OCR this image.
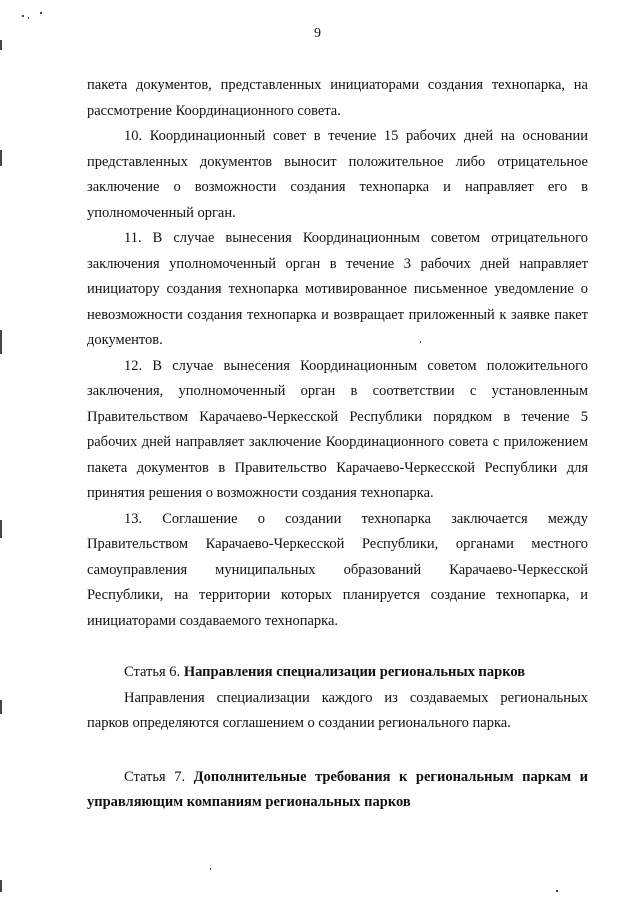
9

пакета документов, представленных инициаторами создания технопарка, на рассмотрение Координационного совета.

10. Координационный совет в течение 15 рабочих дней на основании представленных документов выносит положительное либо отрицательное заключение о возможности создания технопарка и направляет его в уполномоченный орган.

11. В случае вынесения Координационным советом отрицательного заключения уполномоченный орган в течение 3 рабочих дней направляет инициатору создания технопарка мотивированное письменное уведомление о невозможности создания технопарка и возвращает приложенный к заявке пакет документов.

12. В случае вынесения Координационным советом положительного заключения, уполномоченный орган в соответствии с установленным Правительством Карачаево-Черкесской Республики порядком в течение 5 рабочих дней направляет заключение Координационного совета с приложением пакета документов в Правительство Карачаево-Черкесской Республики для принятия решения о возможности создания технопарка.

13. Соглашение о создании технопарка заключается между Правительством Карачаево-Черкесской Республики, органами местного самоуправления муниципальных образований Карачаево-Черкесской Республики, на территории которых планируется создание технопарка, и инициаторами создаваемого технопарка.

Статья 6. Направления специализации региональных парков

Направления специализации каждого из создаваемых региональных парков определяются соглашением о создании регионального парка.

Статья 7. Дополнительные требования к региональным паркам и управляющим компаниям региональных парков
